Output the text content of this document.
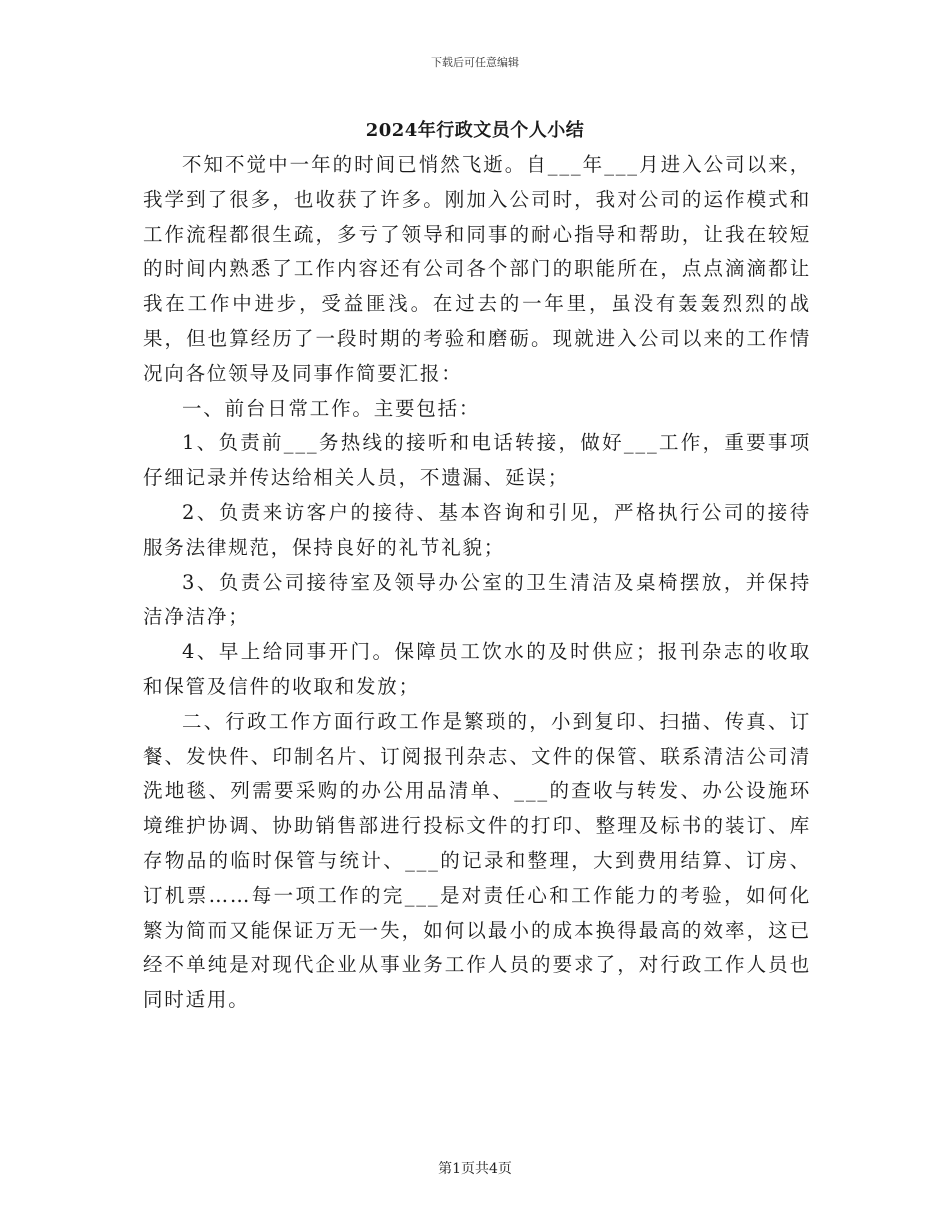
下载后可任意编辑
2024年行政文员个人小结

不知不觉中一年的时间已悄然飞逝。自___年___月进入公司以来，我学到了很多，也收获了许多。刚加入公司时，我对公司的运作模式和工作流程都很生疏，多亏了领导和同事的耐心指导和帮助，让我在较短的时间内熟悉了工作内容还有公司各个部门的职能所在，点点滴滴都让我在工作中进步，受益匪浅。在过去的一年里，虽没有轰轰烈烈的战果，但也算经历了一段时期的考验和磨砺。现就进入公司以来的工作情况向各位领导及同事作简要汇报：

一、前台日常工作。主要包括：

1、负责前___务热线的接听和电话转接，做好___工作，重要事项仔细记录并传达给相关人员，不遗漏、延误；

2、负责来访客户的接待、基本咨询和引见，严格执行公司的接待服务法律规范，保持良好的礼节礼貌；

3、负责公司接待室及领导办公室的卫生清洁及桌椅摆放，并保持洁净洁净；

4、早上给同事开门。保障员工饮水的及时供应；报刊杂志的收取和保管及信件的收取和发放；

二、行政工作方面行政工作是繁琐的，小到复印、扫描、传真、订餐、发快件、印制名片、订阅报刊杂志、文件的保管、联系清洁公司清洗地毯、列需要采购的办公用品清单、___的查收与转发、办公设施环境维护协调、协助销售部进行投标文件的打印、整理及标书的装订、库存物品的临时保管与统计、___的记录和整理，大到费用结算、订房、订机票……每一项工作的完___是对责任心和工作能力的考验，如何化繁为简而又能保证万无一失，如何以最小的成本换得最高的效率，这已经不单纯是对现代企业从事业务工作人员的要求了，对行政工作人员也同时适用。

第1页共4页
